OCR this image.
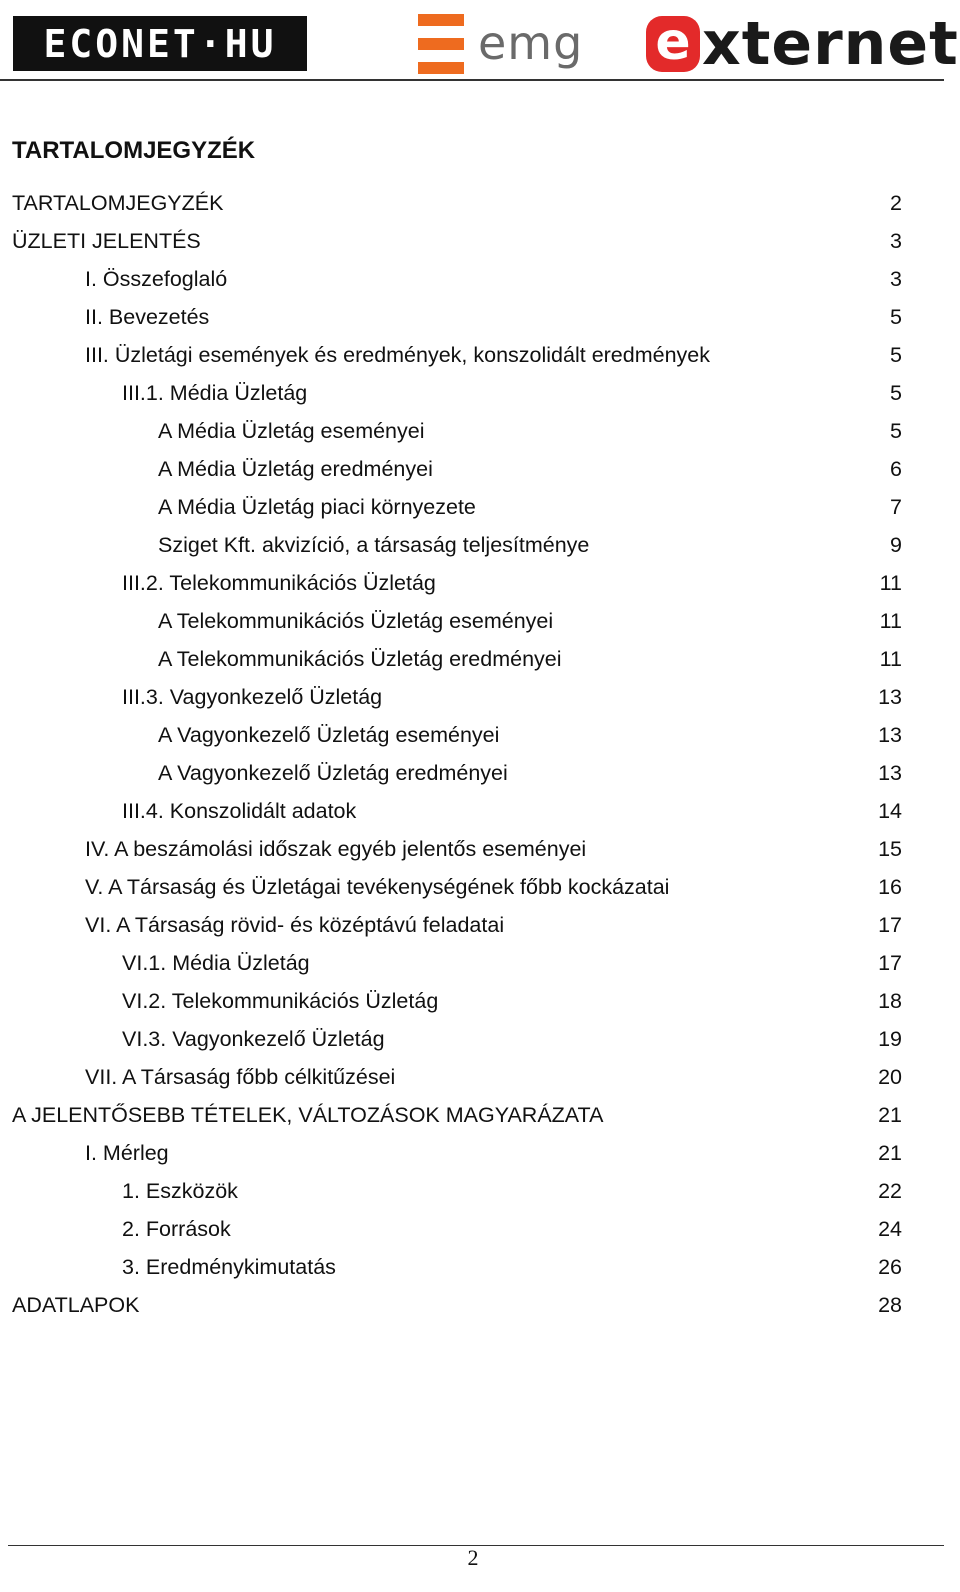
ECONET·HU	emg e xternet
TARTALOMJEGYZÉK
TARTALOMJEGYZÉK	2
ÜZLETI JELENTÉS	3
I. Összefoglaló	3
II. Bevezetés	5
III. Üzletági események és eredmények, konszolidált eredmények	5
III.1. Média Üzletág	5
A Média Üzletág eseményei	5
A Média Üzletág eredményei	6
A Média Üzletág piaci környezete	7
Sziget Kft. akvizíció, a társaság teljesítménye	9
III.2. Telekommunikációs Üzletág	11
A Telekommunikációs Üzletág eseményei	11
A Telekommunikációs Üzletág eredményei	11
III.3. Vagyonkezelő Üzletág	13
A Vagyonkezelő Üzletág eseményei	13
A Vagyonkezelő Üzletág eredményei	13
III.4. Konszolidált adatok	14
IV. A beszámolási időszak egyéb jelentős eseményei	15
V. A Társaság és Üzletágai tevékenységének főbb kockázatai	16
VI. A Társaság rövid- és középtávú feladatai	17
VI.1. Média Üzletág	17
VI.2. Telekommunikációs Üzletág	18
VI.3. Vagyonkezelő Üzletág	19
VII. A Társaság főbb célkitűzései	20
A JELENTŐSEBB TÉTELEK, VÁLTOZÁSOK MAGYARÁZATA	21
I. Mérleg	21
1. Eszközök	22
2. Források	24
3. Eredménykimutatás	26
ADATLAPOK	28
2
